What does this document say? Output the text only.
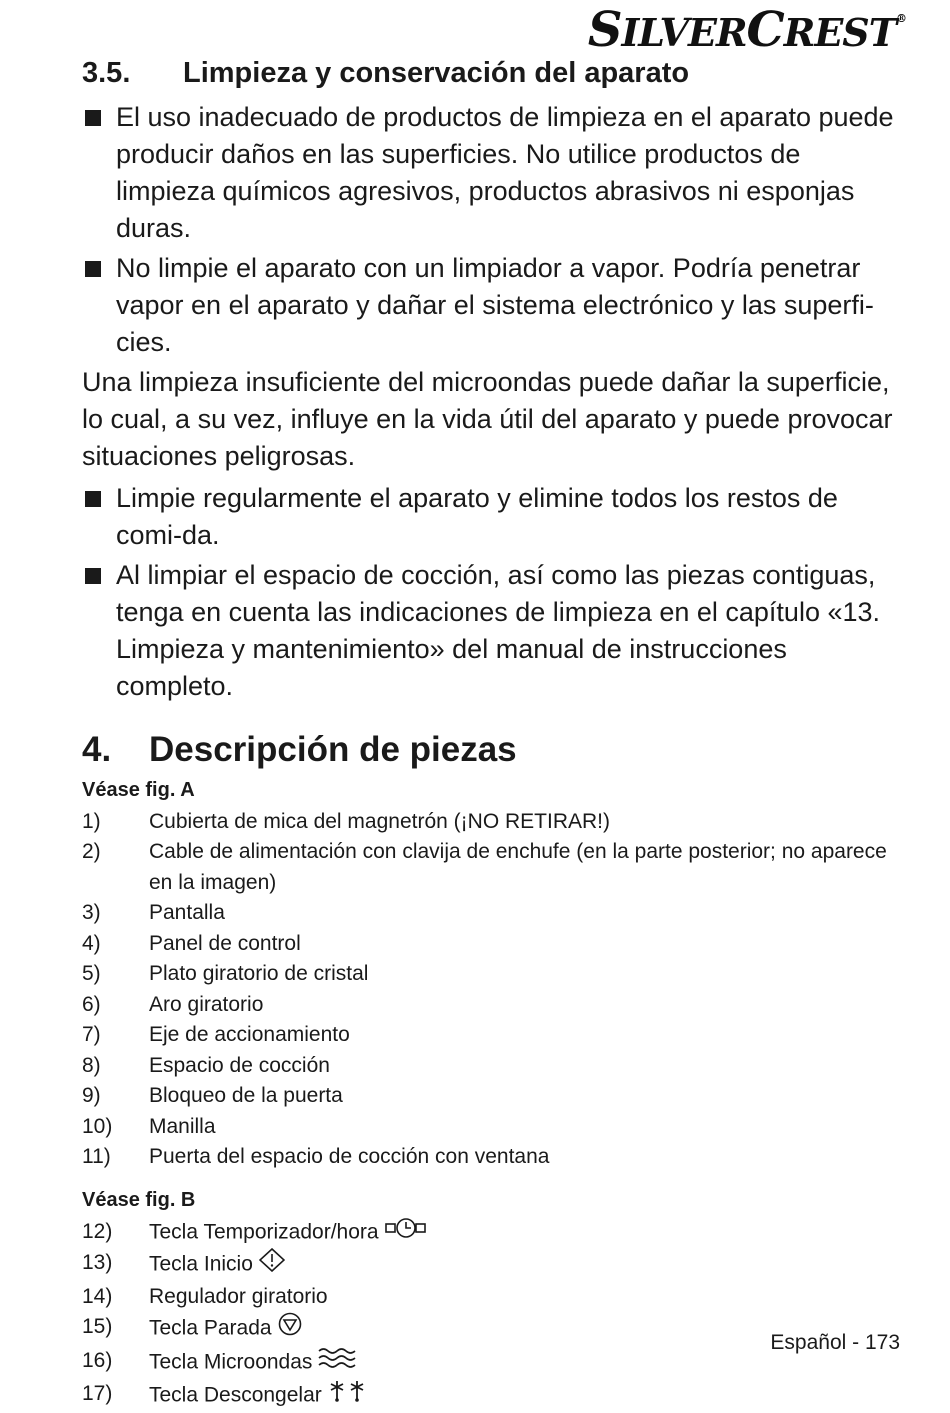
SILVERCREST®
3.5.	Limpieza y conservación del aparato
El uso inadecuado de productos de limpieza en el aparato puede producir daños en las superficies. No utilice productos de limpieza químicos agresivos, productos abrasivos ni esponjas duras.
No limpie el aparato con un limpiador a vapor. Podría penetrar vapor en el aparato y dañar el sistema electrónico y las superfi-cies.

Una limpieza insuficiente del microondas puede dañar la superficie, lo cual, a su vez, influye en la vida útil del aparato y puede provocar situaciones peligrosas.

Limpie regularmente el aparato y elimine todos los restos de comi-da.
Al limpiar el espacio de cocción, así como las piezas contiguas, tenga en cuenta las indicaciones de limpieza en el capítulo «13. Limpieza y mantenimiento» del manual de instrucciones completo.
4.	Descripción de piezas
Véase fig. A
1)	Cubierta de mica del magnetrón (¡NO RETIRAR!)
2)	Cable de alimentación con clavija de enchufe (en la parte posterior; no aparece en la imagen)
3)	Pantalla
4)	Panel de control
5)	Plato giratorio de cristal
6)	Aro giratorio
7)	Eje de accionamiento
8)	Espacio de cocción
9)	Bloqueo de la puerta
10)	Manilla
11)	Puerta del espacio de cocción con ventana
Véase fig. B
12)	Tecla Temporizador/hora
13)	Tecla Inicio
14)	Regulador giratorio
15)	Tecla Parada
16)	Tecla Microondas
17)	Tecla Descongelar
Español - 173
